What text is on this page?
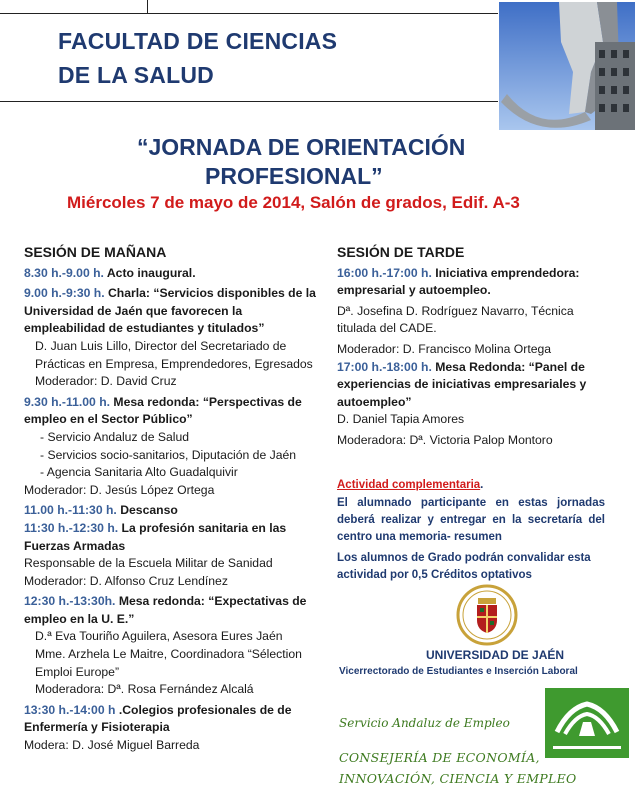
FACULTAD DE CIENCIAS
DE LA SALUD
“JORNADA DE ORIENTACIÓN
PROFESIONAL”
Miércoles 7 de mayo de 2014, Salón de grados, Edif. A-3

SESIÓN DE MAÑANA

8.30 h.-9.00 h. Acto inaugural.

9.00 h.-9:30 h. Charla: “Servicios disponibles de la Universidad de Jaén que favorecen la empleabilidad de estudiantes y titulados”

D. Juan Luis Lillo, Director del Secretariado de Prácticas en Empresa, Emprendedores, Egresados

Moderador: D. David Cruz

9.30 h.-11.00 h. Mesa redonda: “Perspectivas de empleo en el Sector Público”

- Servicio Andaluz de Salud

- Servicios socio-sanitarios, Diputación de Jaén

- Agencia Sanitaria Alto Guadalquivir

Moderador: D. Jesús López Ortega

11.00 h.-11:30 h. Descanso

11:30 h.-12:30 h. La profesión sanitaria en las Fuerzas Armadas

Responsable de la Escuela Militar de Sanidad

Moderador: D. Alfonso Cruz Lendínez

12:30 h.-13:30h. Mesa redonda: “Expectativas de empleo en la U. E.”

D.ª Eva Touriño Aguilera, Asesora Eures Jaén

Mme. Arzhela Le Maitre, Coordinadora “Sélection Emploi Europe”

Moderadora: Dª. Rosa Fernández Alcalá

13:30 h.-14:00 h .Colegios profesionales de de Enfermería y Fisioterapia

Modera: D. José Miguel Barreda

SESIÓN DE TARDE

16:00 h.-17:00 h. Iniciativa emprendedora: empresarial y autoempleo.

Dª. Josefina D. Rodríguez Navarro, Técnica titulada del CADE.

Moderador: D. Francisco Molina Ortega

17:00 h.-18:00 h. Mesa Redonda: “Panel de experiencias de iniciativas empresariales y autoempleo”

D. Daniel Tapia Amores

Moderadora: Dª. Victoria Palop Montoro

Actividad complementaria.
El alumnado participante en estas jornadas deberá realizar y entregar en la secretaría del centro una memoria- resumen
Los alumnos de Grado podrán convalidar esta actividad por 0,5 Créditos optativos
UNIVERSIDAD DE JAÉN
Vicerrectorado de Estudiantes e Inserción Laboral
Servicio Andaluz de Empleo
CONSEJERÍA DE ECONOMÍA,
INNOVACIÓN, CIENCIA Y EMPLEO
